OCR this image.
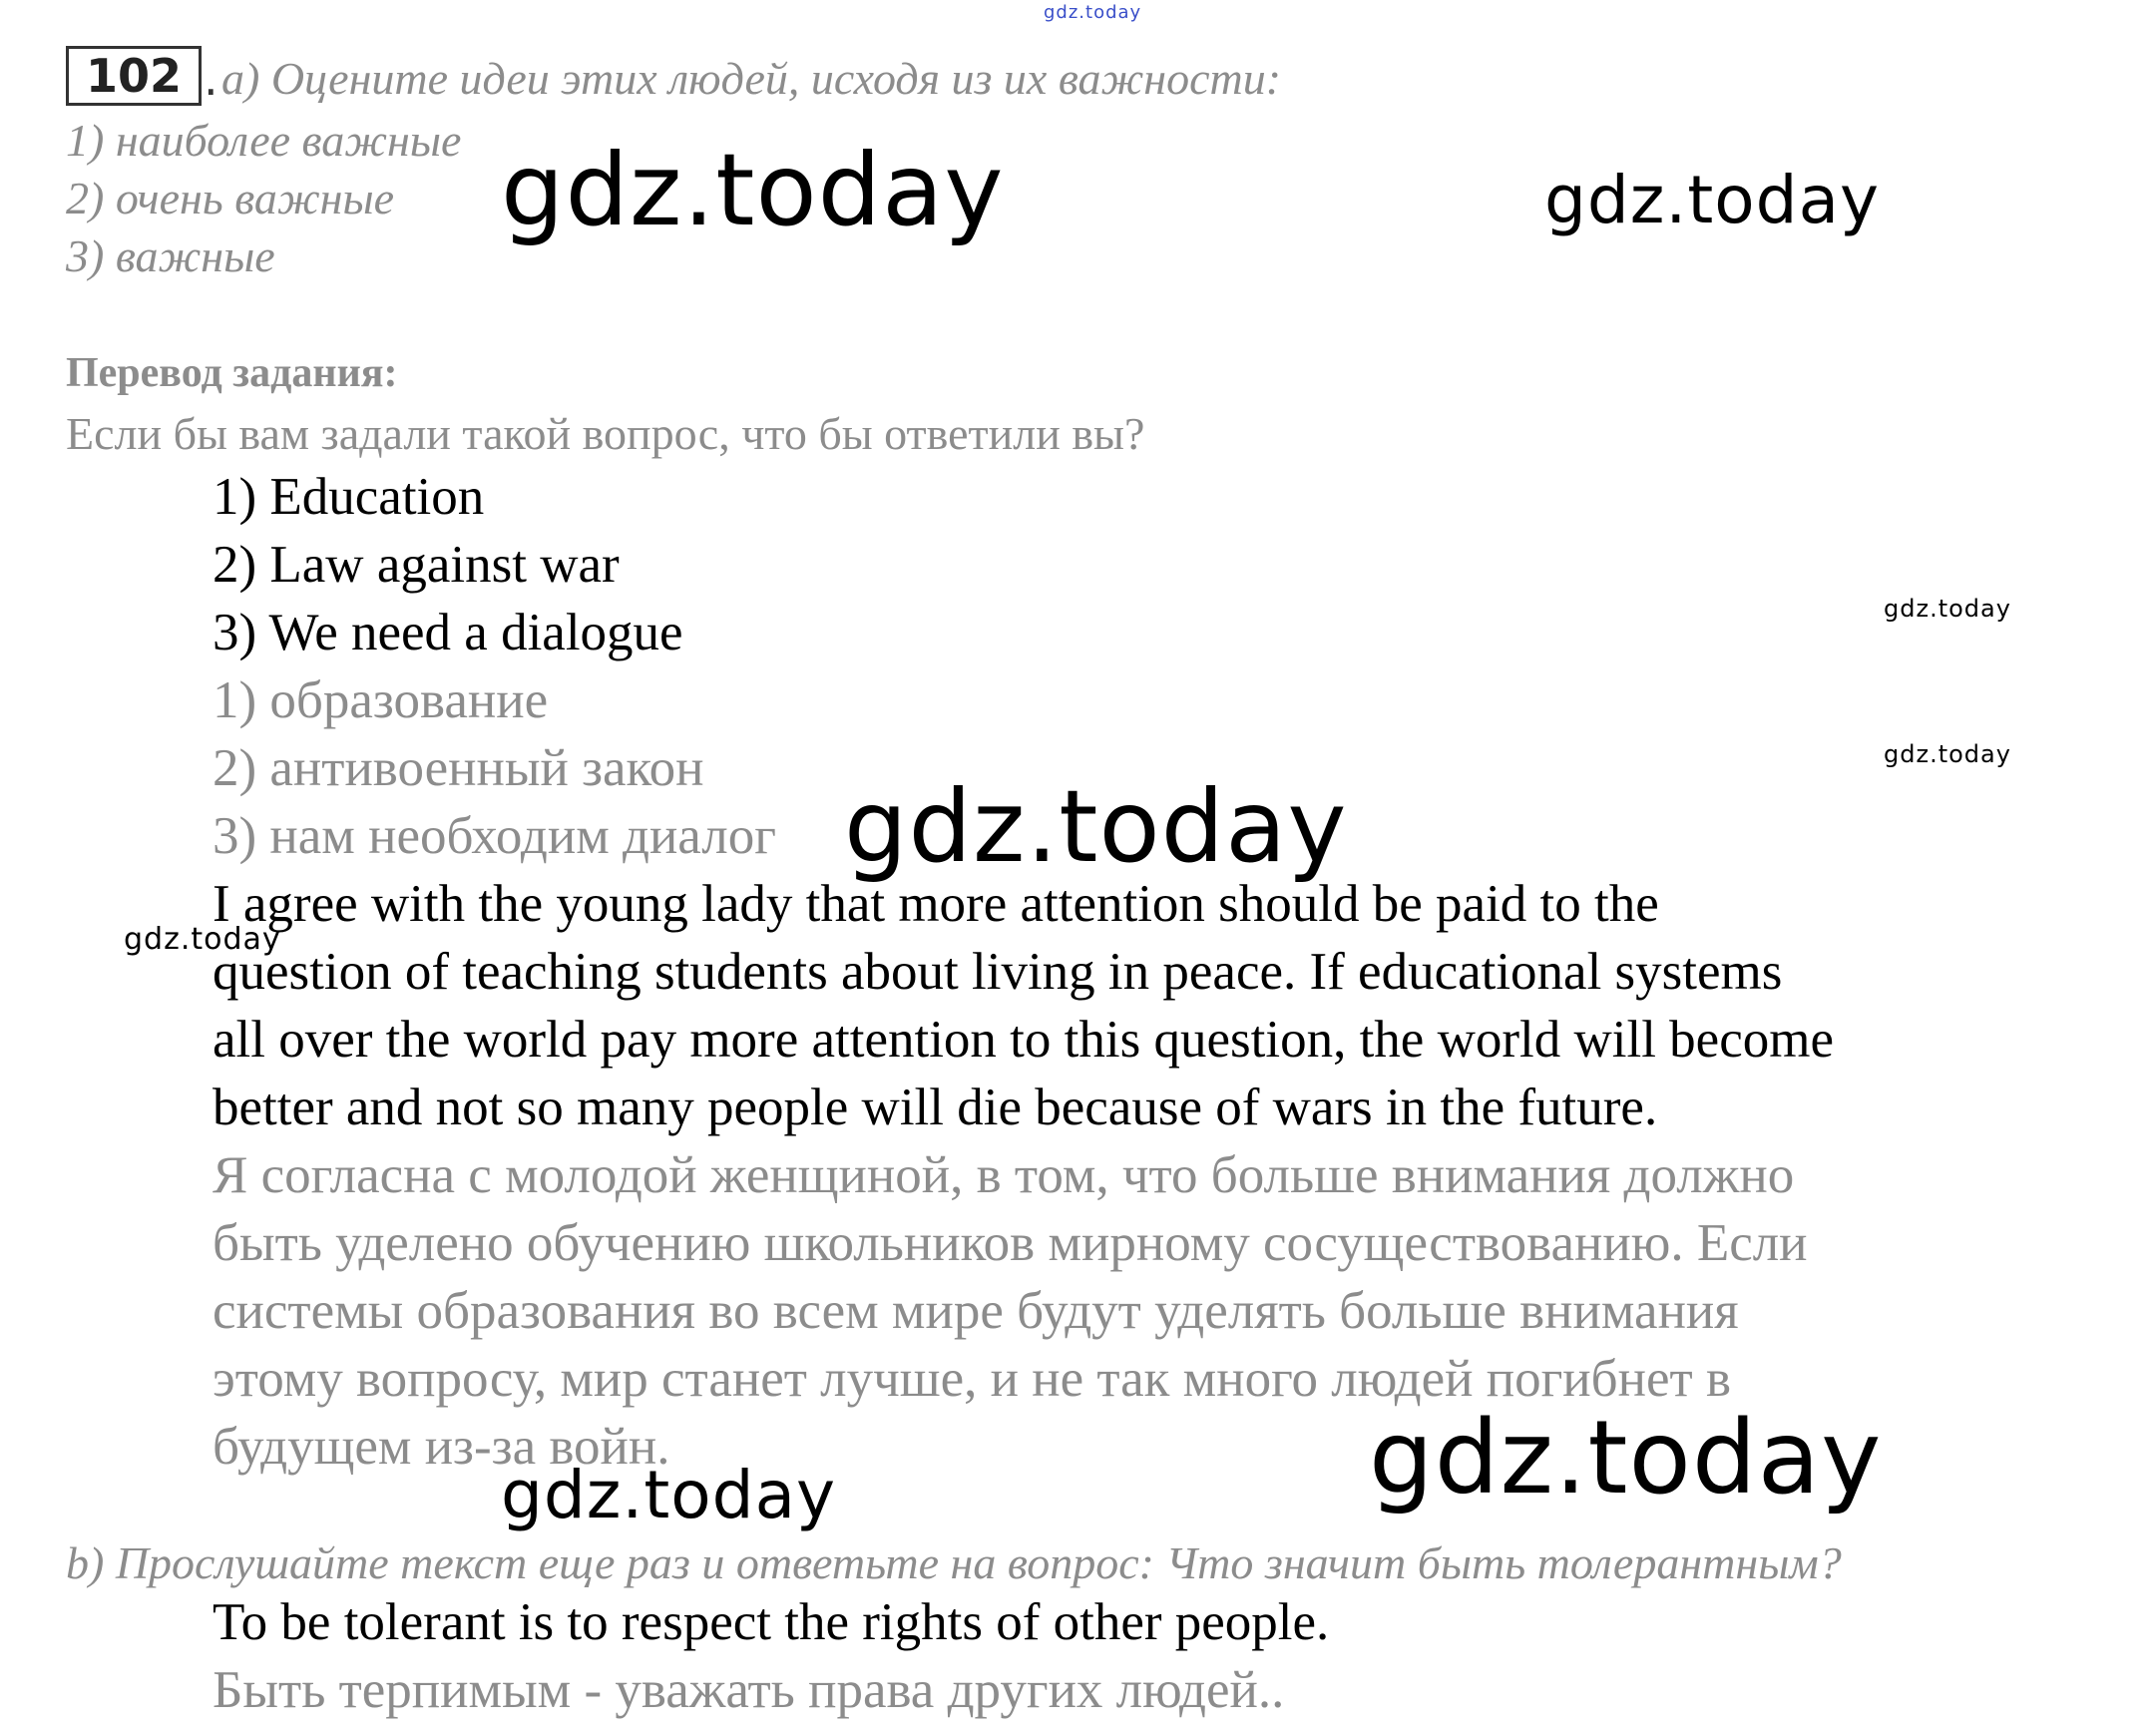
102 . а) Оцените идеи этих людей, исходя из их важности:
1) наиболее важные
2) очень важные
3) важные
Перевод задания:
Если бы вам задали такой вопрос, что бы ответили вы?
1) Education
2) Law against war
3) We need a dialogue
1) образование
2) антивоенный закон
3) нам необходим диалог
I agree with the young lady that more attention should be paid to the
question of teaching students about living in peace. If educational systems
all over the world pay more attention to this question, the world will become
better and not so many people will die because of wars in the future.
Я согласна с молодой женщиной, в том, что больше внимания должно
быть уделено обучению школьников мирному сосуществованию. Если
системы образования во всем мире будут уделять больше внимания
этому вопросу, мир станет лучше, и не так много людей погибнет в
будущем из-за войн.
b) Прослушайте текст еще раз и ответьте на вопрос: Что значит быть толерантным?
To be tolerant is to respect the rights of other people.
Быть терпимым - уважать права других людей..
gdz.today
gdz.today	gdz.today
gdz.today
gdz.today
gdz.today
gdz.today
gdz.today
gdz.today
